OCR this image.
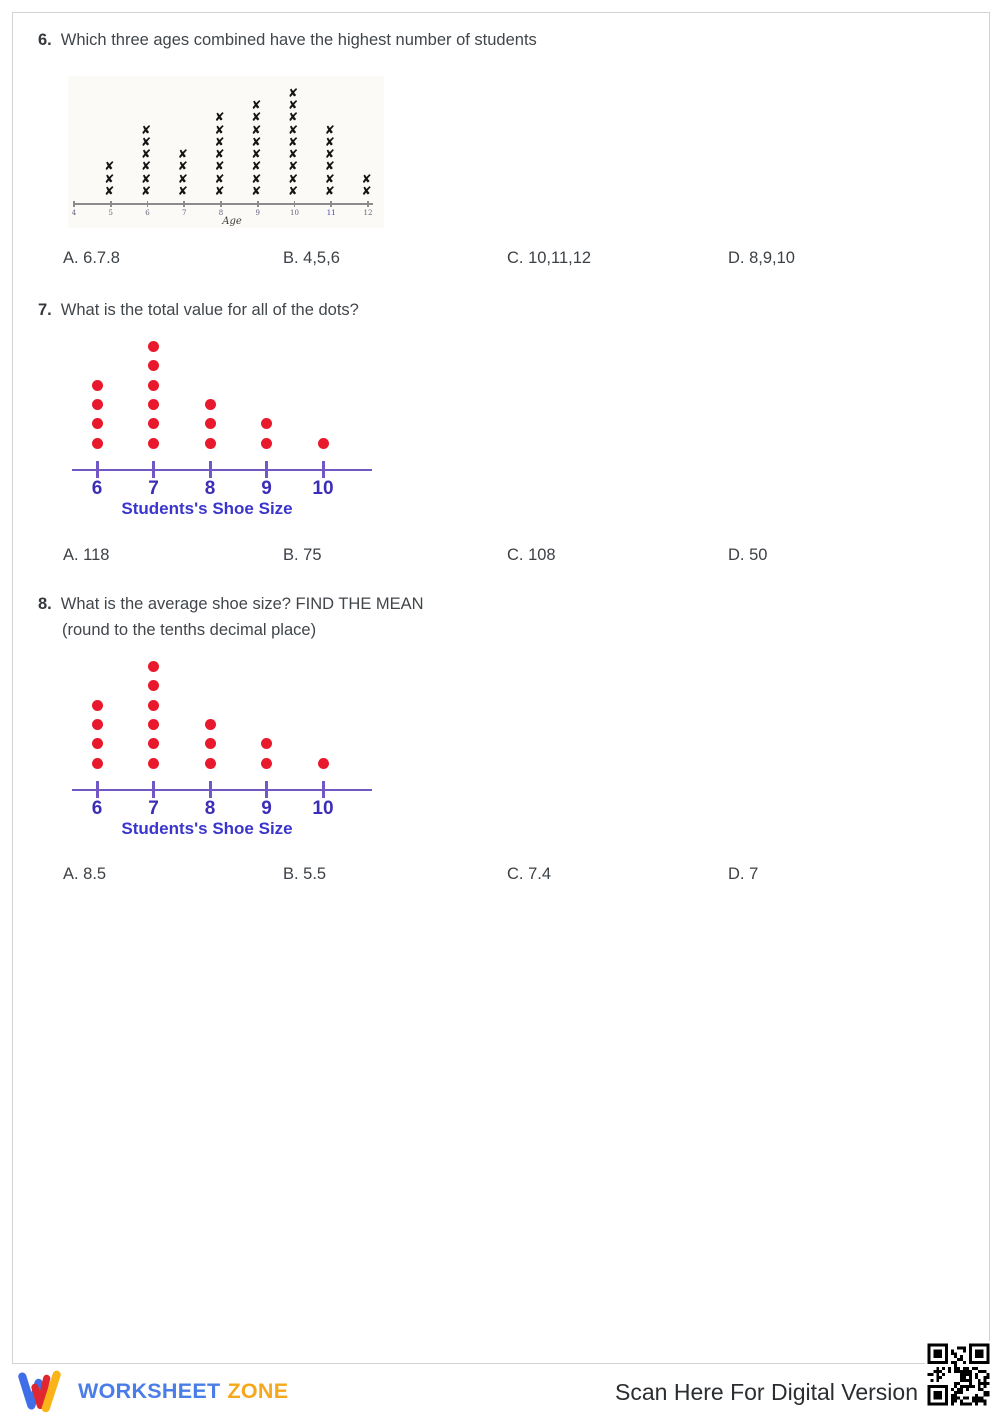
6. Which three ages combined have the highest number of students
4	5
✘
✘
✘
6
✘
✘
✘
✘
✘
✘
7
✘
✘
✘
✘
8
✘
✘
✘
✘
✘
✘
✘
9
✘
✘
✘
✘
✘
✘
✘
✘
10
✘
✘
✘
✘
✘
✘
✘
✘
✘
11
✘
✘
✘
✘
✘
✘
12
✘
✘
Age
A. 6.7.8	B. 4,5,6	C. 10,11,12	D. 8,9,10
7. What is the total value for all of the dots?
6	7	8	9	10
Students's Shoe Size
A. 118	B. 75	C. 108	D. 50
8. What is the average shoe size? FIND THE MEAN
(round to the tenths decimal place)
6	7	8	9	10
Students's Shoe Size
A. 8.5	B. 5.5	C. 7.4	D. 7
WORKSHEET ZONE	Scan Here For Digital Version
